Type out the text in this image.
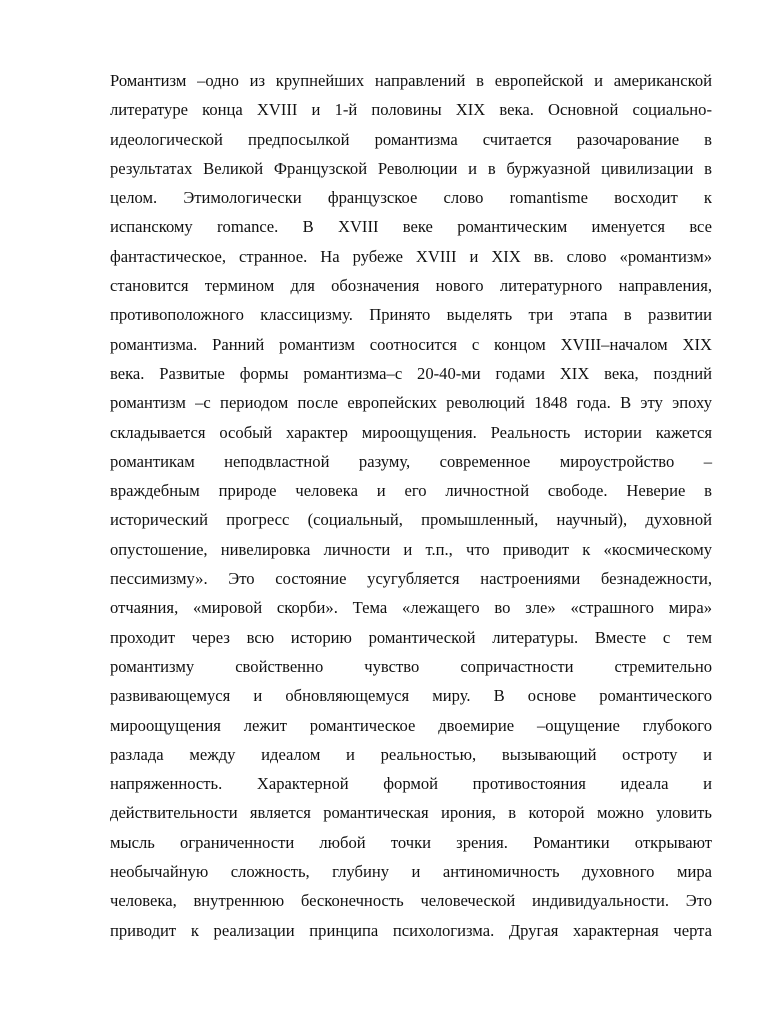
Романтизм –одно из крупнейших направлений в европейской и американской
литературе конца XVIII и 1-й половины XIX века. Основной социально-
идеологической предпосылкой романтизма считается разочарование в
результатах Великой Французской Революции и в буржуазной цивилизации в
целом. Этимологически французское слово romantisme восходит к
испанскому romance. В XVIII веке романтическим именуется все
фантастическое, странное. На рубеже XVIII и XIX вв. слово «романтизм»
становится термином для обозначения нового литературного направления,
противоположного классицизму. Принято выделять три этапа в развитии
романтизма. Ранний романтизм соотносится с концом XVIII–началом XIX
века. Развитые формы романтизма–с 20-40-ми годами XIX века, поздний
романтизм –с периодом после европейских революций 1848 года. В эту эпоху
складывается особый характер мироощущения. Реальность истории кажется
романтикам неподвластной разуму, современное мироустройство –
враждебным природе человека и его личностной свободе. Неверие в
исторический прогресс (социальный, промышленный, научный), духовной
опустошение, нивелировка личности и т.п., что приводит к «космическому
пессимизму». Это состояние усугубляется настроениями безнадежности,
отчаяния, «мировой скорби». Тема «лежащего во зле» «страшного мира»
проходит через всю историю романтической литературы. Вместе с тем
романтизму свойственно чувство сопричастности стремительно
развивающемуся и обновляющемуся миру. В основе романтического
мироощущения лежит романтическое двоемирие –ощущение глубокого
разлада между идеалом и реальностью, вызывающий остроту и
напряженность. Характерной формой противостояния идеала и
действительности является романтическая ирония, в которой можно уловить
мысль ограниченности любой точки зрения. Романтики открывают
необычайную сложность, глубину и антиномичность духовного мира
человека, внутреннюю бесконечность человеческой индивидуальности. Это
приводит к реализации принципа психологизма. Другая характерная черта
